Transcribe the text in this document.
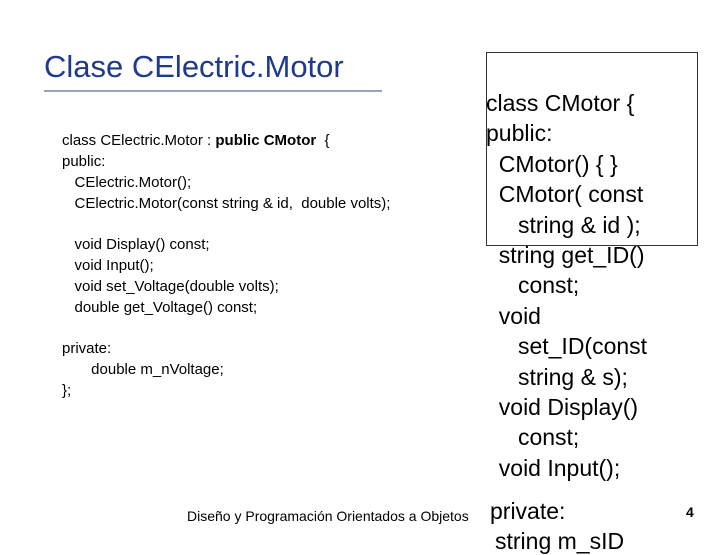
Clase CElectric.Motor
class CElectric.Motor : public CMotor  {
public:
CElectric.Motor();
CElectric.Motor(const string & id,  double volts);
void Display() const;
void Input();
void set_Voltage(double volts);
double get_Voltage() const;
private:
double m_nVoltage;
};
class CMotor {
public:
CMotor() { }
CMotor( const
string & id );
string get_ID()
const;
void
set_ID(const
string & s);
void Display()
const;
void Input();
Diseño y Programación Orientados a Objetos private:
string m_sID
4
